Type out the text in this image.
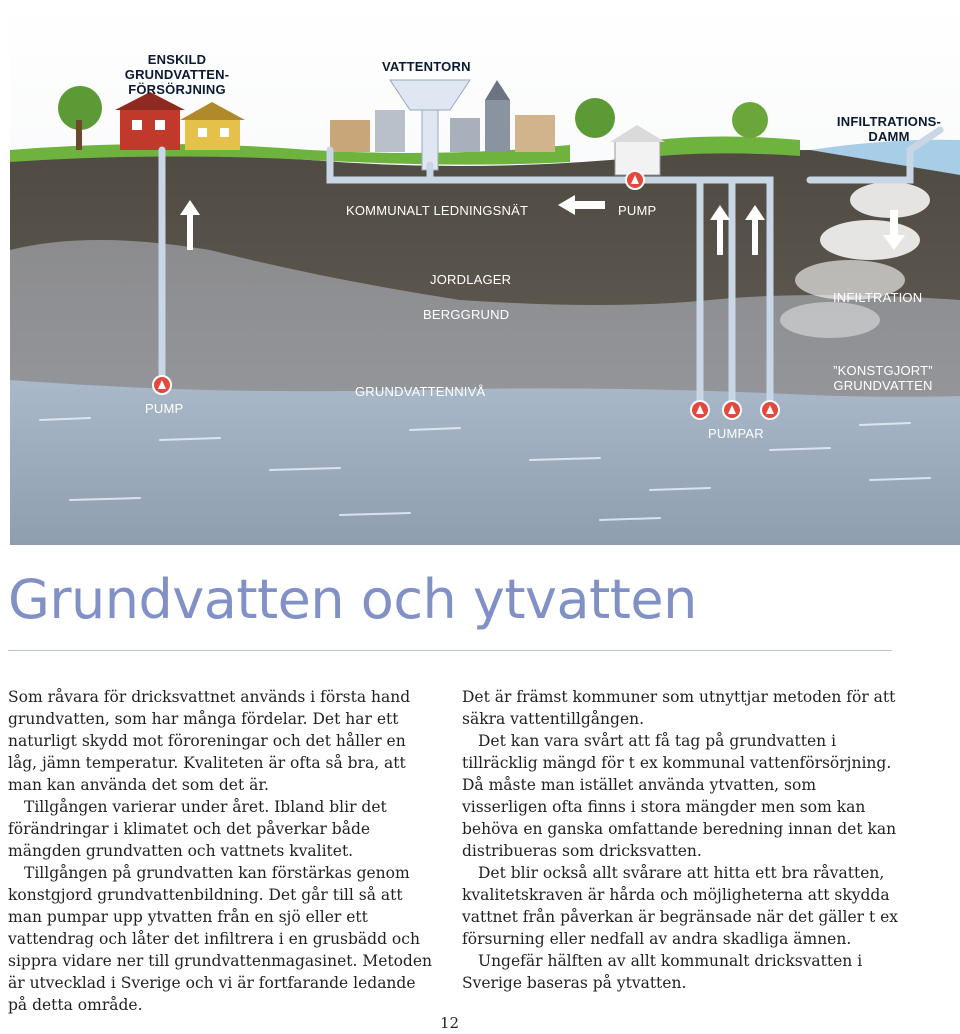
ENSKILD
GRUNDVATTEN-
FÖRSÖRJNING
VATTENTORN
INFILTRATIONS-
DAMM
KOMMUNALT LEDNINGSNÄT	PUMP
JORDLAGER
BERGGRUND
INFILTRATION
”KONSTGJORT”
GRUNDVATTEN
PUMP
GRUNDVATTENNIVÅ
PUMPAR
Grundvatten och ytvatten

Som råvara för dricksvattnet används i första hand grundvatten, som har många fördelar. Det har ett naturligt skydd mot föroreningar och det håller en låg, jämn temperatur. Kvaliteten är ofta så bra, att man kan använda det som det är.

Tillgången varierar under året. Ibland blir det förändringar i klimatet och det påverkar både mängden grundvatten och vattnets kvalitet.

Tillgången på grundvatten kan förstärkas genom konstgjord grundvattenbildning. Det går till så att man pumpar upp ytvatten från en sjö eller ett vattendrag och låter det infiltrera i en grusbädd och sippra vidare ner till grundvattenmagasinet. Metoden är utvecklad i Sverige och vi är fortfarande ledande på detta område.

Det är främst kommuner som utnyttjar metoden för att säkra vattentillgången.

Det kan vara svårt att få tag på grundvatten i tillräcklig mängd för t ex kommunal vattenförsörjning. Då måste man istället använda ytvatten, som visserligen ofta finns i stora mängder men som kan behöva en ganska omfattande beredning innan det kan distribueras som dricksvatten.

Det blir också allt svårare att hitta ett bra råvatten, kvalitetskraven är hårda och möjligheterna att skydda vattnet från påverkan är begränsade när det gäller t ex försurning eller nedfall av andra skadliga ämnen.

Ungefär hälften av allt kommunalt dricksvatten i Sverige baseras på ytvatten.

12
